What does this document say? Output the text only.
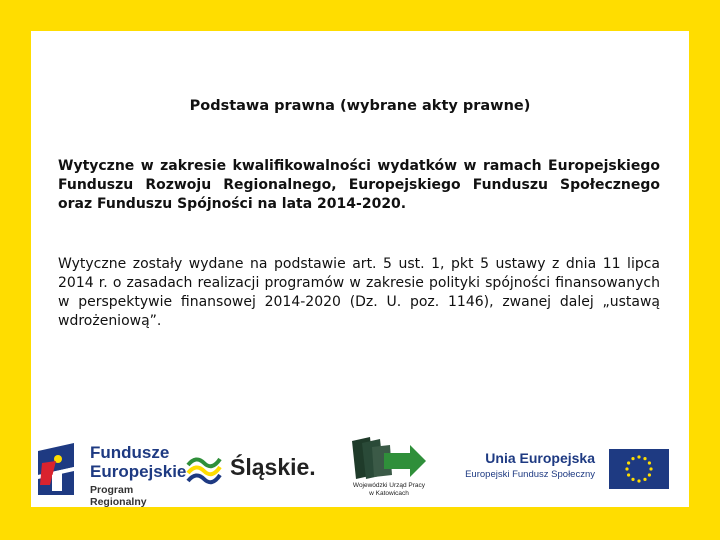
Podstawa prawna (wybrane akty prawne)
Wytyczne w zakresie kwalifikowalności wydatków w ramach Europejskiego Funduszu Rozwoju Regionalnego, Europejskiego Funduszu Społecznego oraz Funduszu Spójności na lata 2014-2020.
Wytyczne zostały wydane na podstawie art. 5 ust. 1, pkt 5 ustawy z dnia 11 lipca 2014 r. o zasadach realizacji programów w zakresie polityki spójności finansowanych w perspektywie finansowej 2014-2020 (Dz. U. poz. 1146), zwanej dalej „ustawą wdrożeniową”.
Fundusze
Europejskie
Program Regionalny
Śląskie.
Wojewódzki Urząd Pracy
w Katowicach
Unia Europejska
Europejski Fundusz Społeczny
